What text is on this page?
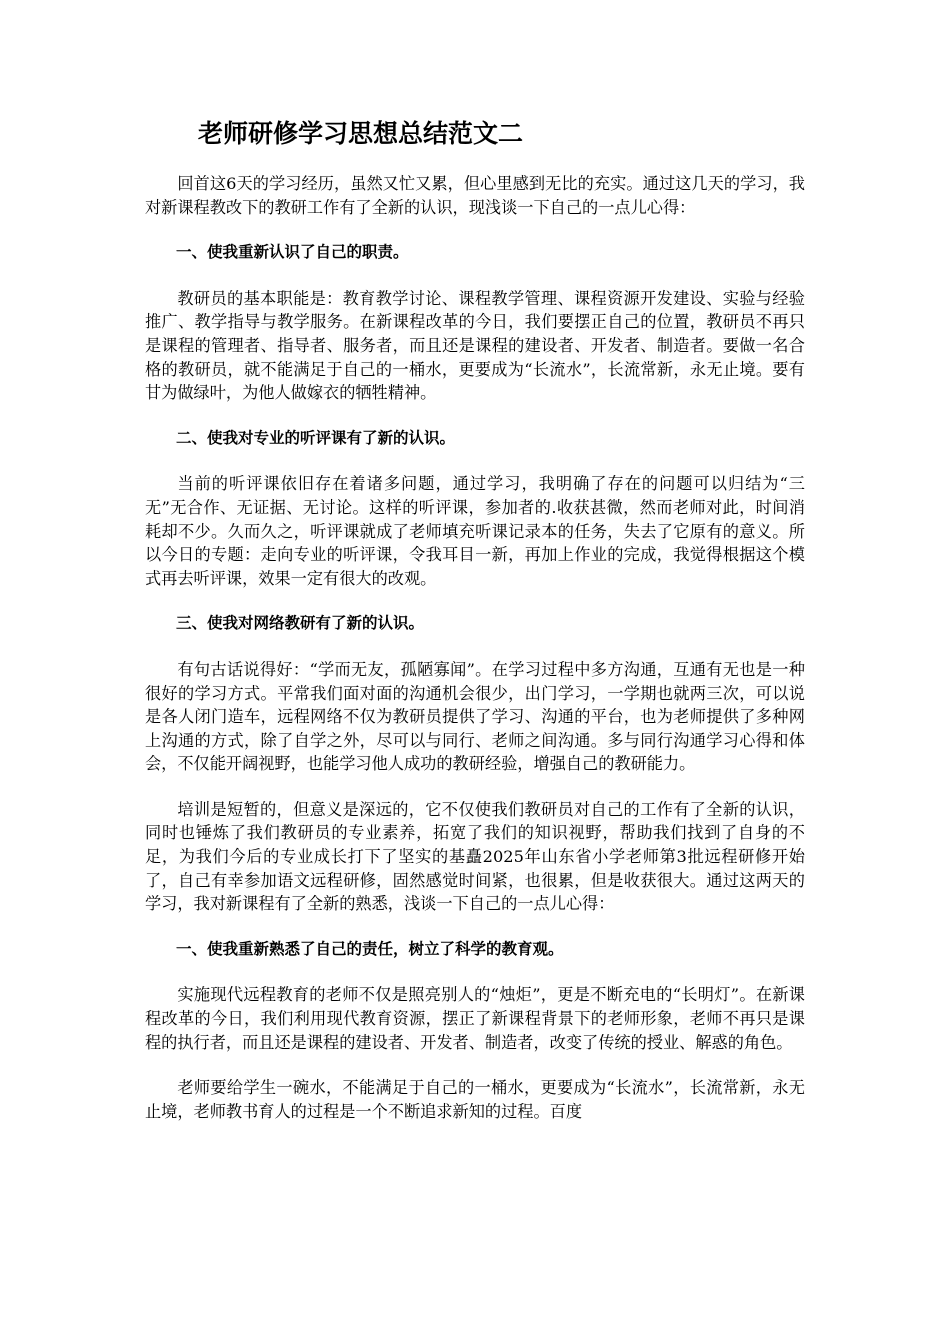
老师研修学习思想总结范文二

回首这6天的学习经历，虽然又忙又累，但心里感到无比的充实。通过这几天的学习，我对新课程教改下的教研工作有了全新的认识，现浅谈一下自己的一点儿心得：

一、使我重新认识了自己的职责。

教研员的基本职能是：教育教学讨论、课程教学管理、课程资源开发建设、实验与经验推广、教学指导与教学服务。在新课程改革的今日，我们要摆正自己的位置，教研员不再只是课程的管理者、指导者、服务者，而且还是课程的建设者、开发者、制造者。要做一名合格的教研员，就不能满足于自己的一桶水，更要成为“长流水”，长流常新，永无止境。要有甘为做绿叶，为他人做嫁衣的牺牲精神。

二、使我对专业的听评课有了新的认识。

当前的听评课依旧存在着诸多问题，通过学习，我明确了存在的问题可以归结为“三无”无合作、无证据、无讨论。这样的听评课，参加者的.收获甚微，然而老师对此，时间消耗却不少。久而久之，听评课就成了老师填充听课记录本的任务，失去了它原有的意义。所以今日的专题：走向专业的听评课，令我耳目一新，再加上作业的完成，我觉得根据这个模式再去听评课，效果一定有很大的改观。

三、使我对网络教研有了新的认识。

有句古话说得好：“学而无友，孤陋寡闻”。在学习过程中多方沟通，互通有无也是一种很好的学习方式。平常我们面对面的沟通机会很少，出门学习，一学期也就两三次，可以说是各人闭门造车，远程网络不仅为教研员提供了学习、沟通的平台，也为老师提供了多种网上沟通的方式，除了自学之外，尽可以与同行、老师之间沟通。多与同行沟通学习心得和体会，不仅能开阔视野，也能学习他人成功的教研经验，增强自己的教研能力。

培训是短暂的，但意义是深远的，它不仅使我们教研员对自己的工作有了全新的认识，同时也锤炼了我们教研员的专业素养，拓宽了我们的知识视野，帮助我们找到了自身的不足，为我们今后的专业成长打下了坚实的基矗2025年山东省小学老师第3批远程研修开始了，自己有幸参加语文远程研修，固然感觉时间紧，也很累，但是收获很大。通过这两天的学习，我对新课程有了全新的熟悉，浅谈一下自己的一点儿心得：

一、使我重新熟悉了自己的责任，树立了科学的教育观。

实施现代远程教育的老师不仅是照亮别人的“烛炬”，更是不断充电的“长明灯”。在新课程改革的今日，我们利用现代教育资源，摆正了新课程背景下的老师形象，老师不再只是课程的执行者，而且还是课程的建设者、开发者、制造者，改变了传统的授业、解惑的角色。

老师要给学生一碗水，不能满足于自己的一桶水，更要成为“长流水”，长流常新，永无止境，老师教书育人的过程是一个不断追求新知的过程。百度
